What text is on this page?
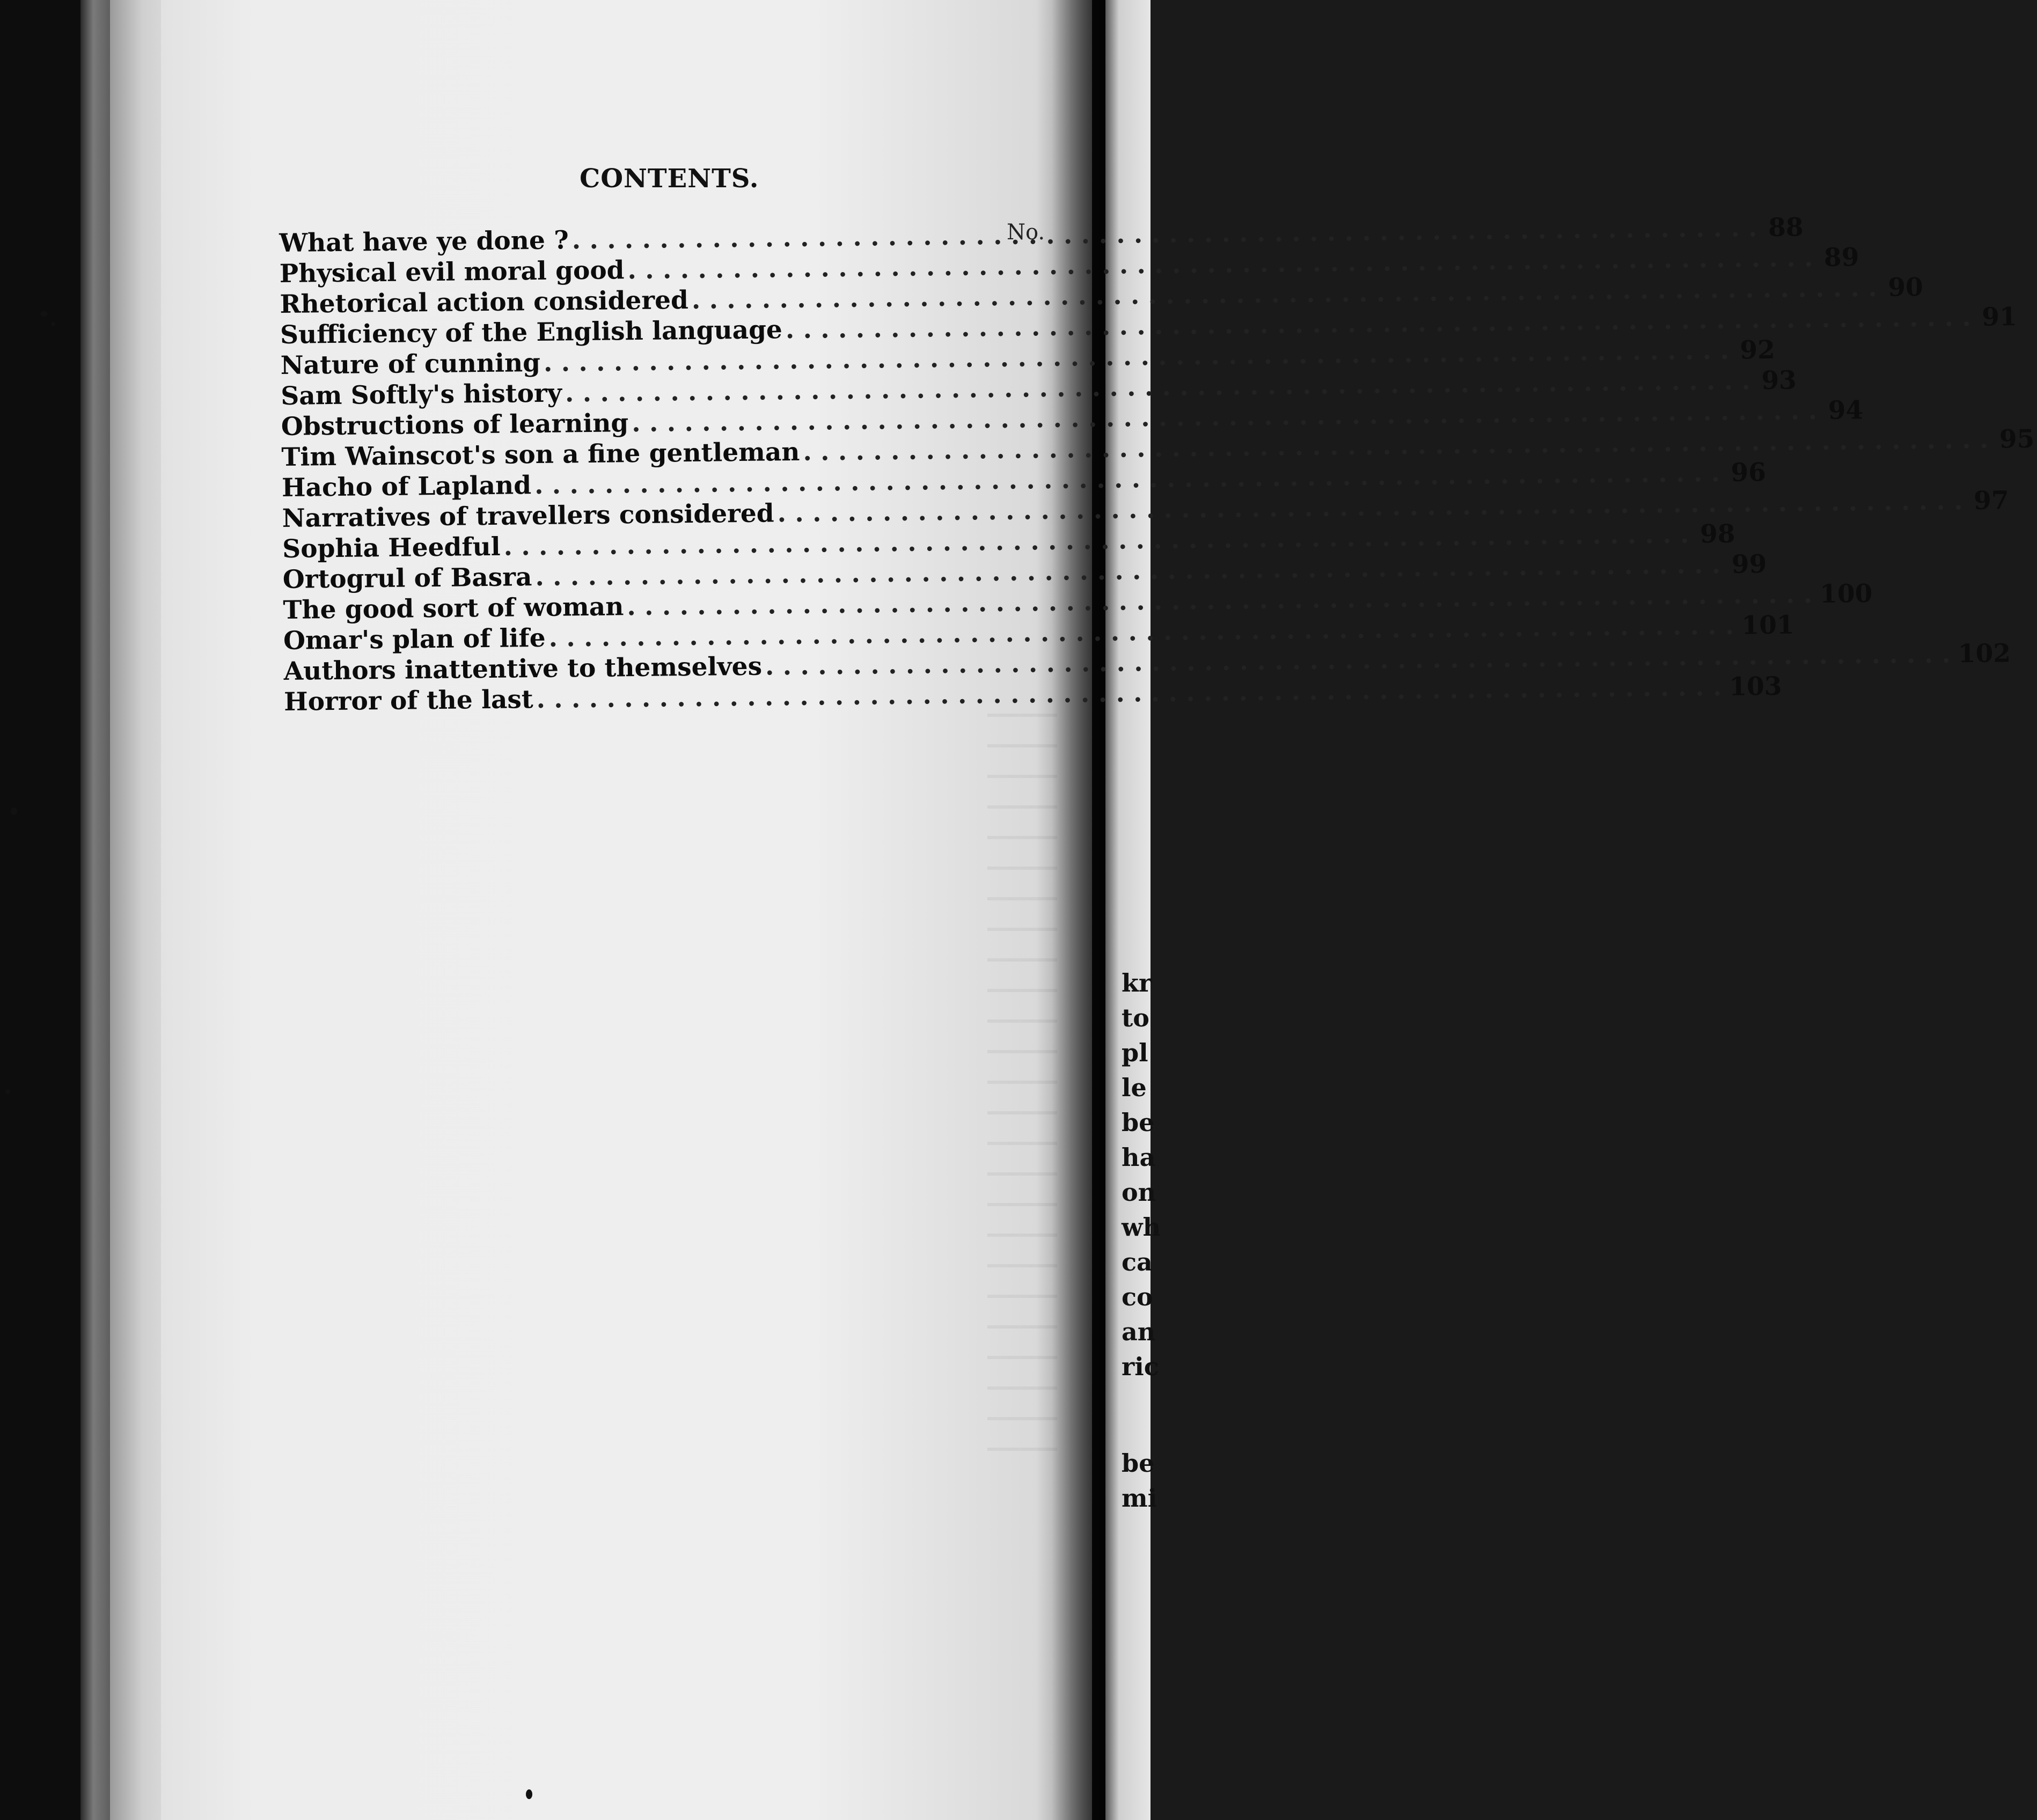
kr
to
pl
le
be
ha
on
wh
ca
co
an
ric
be
mi
CONTENTS.
No.
What have ye done ? . . .	88
Physical evil moral good . . .	89
Rhetorical action considered . . .	90
Sufficiency of the English language . . .	91
Nature of cunning . . .	92
Sam Softly's history . . .	93
Obstructions of learning . . .	94
Tim Wainscot's son a fine gentleman . . .	95
Hacho of Lapland . . .	96
Narratives of travellers considered . . .	97
Sophia Heedful . . .	98
Ortogrul of Basra . . .	99
The good sort of woman . . .	100
Omar's plan of life . . .	101
Authors inattentive to themselves . . .	102
Horror of the last . . .	103
